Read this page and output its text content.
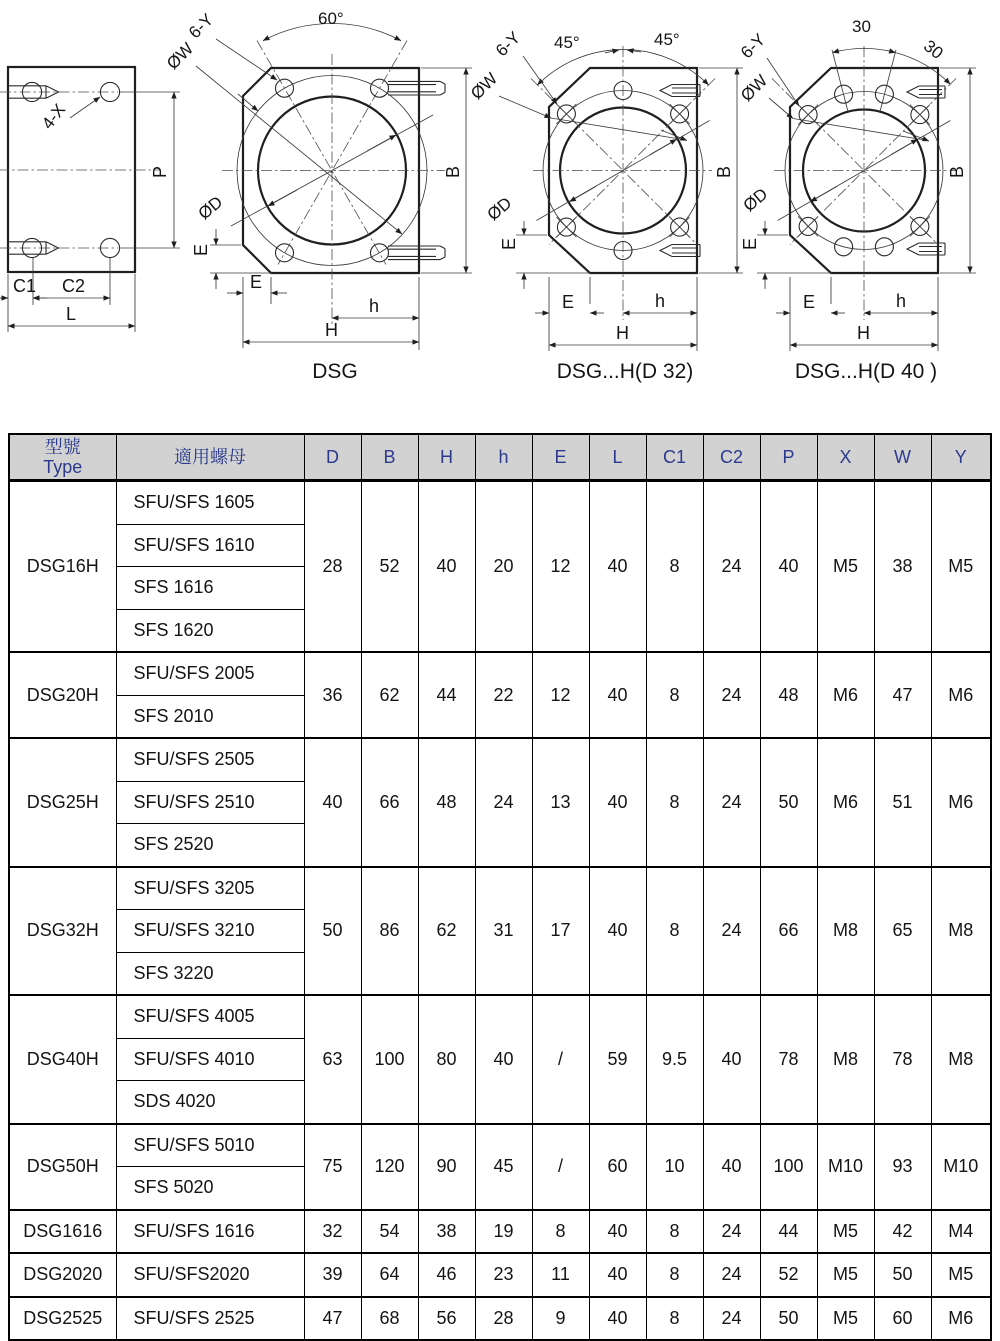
4-X
P
C1 C2
L
60°
6-Y
ØW
ØD
B
E
E
h
H
DSG
45°	45°
6-Y
ØW
ØD
B
E
E	h
H
DSG...H(D 32)
30
30
6-Y
ØW
ØD
B
E
E	h
H
DSG...H(D 40 )
型號
Type	適用螺母	D	B	H	h	E	L	C1	C2	P	X	W	Y
DSG16H	SFU/SFS 1605	28	52	40	20	12	40	8	24	40	M5	38	M5
	SFU/SFS 1610												
	SFS 1616												
	SFS 1620												
DSG20H	SFU/SFS 2005	36	62	44	22	12	40	8	24	48	M6	47	M6
	SFS 2010												
DSG25H	SFU/SFS 2505	40	66	48	24	13	40	8	24	50	M6	51	M6
	SFU/SFS 2510												
	SFS 2520												
DSG32H	SFU/SFS 3205	50	86	62	31	17	40	8	24	66	M8	65	M8
	SFU/SFS 3210												
	SFS 3220												
DSG40H	SFU/SFS 4005	63	100	80	40	/	59	9.5	40	78	M8	78	M8
	SFU/SFS 4010												
	SDS 4020												
DSG50H	SFU/SFS 5010	75	120	90	45	/	60	10	40	100	M10	93	M10
	SFS 5020												
DSG1616	SFU/SFS 1616	32	54	38	19	8	40	8	24	44	M5	42	M4
DSG2020	SFU/SFS2020	39	64	46	23	11	40	8	24	52	M5	50	M5
DSG2525	SFU/SFS 2525	47	68	56	28	9	40	8	24	50	M5	60	M6
